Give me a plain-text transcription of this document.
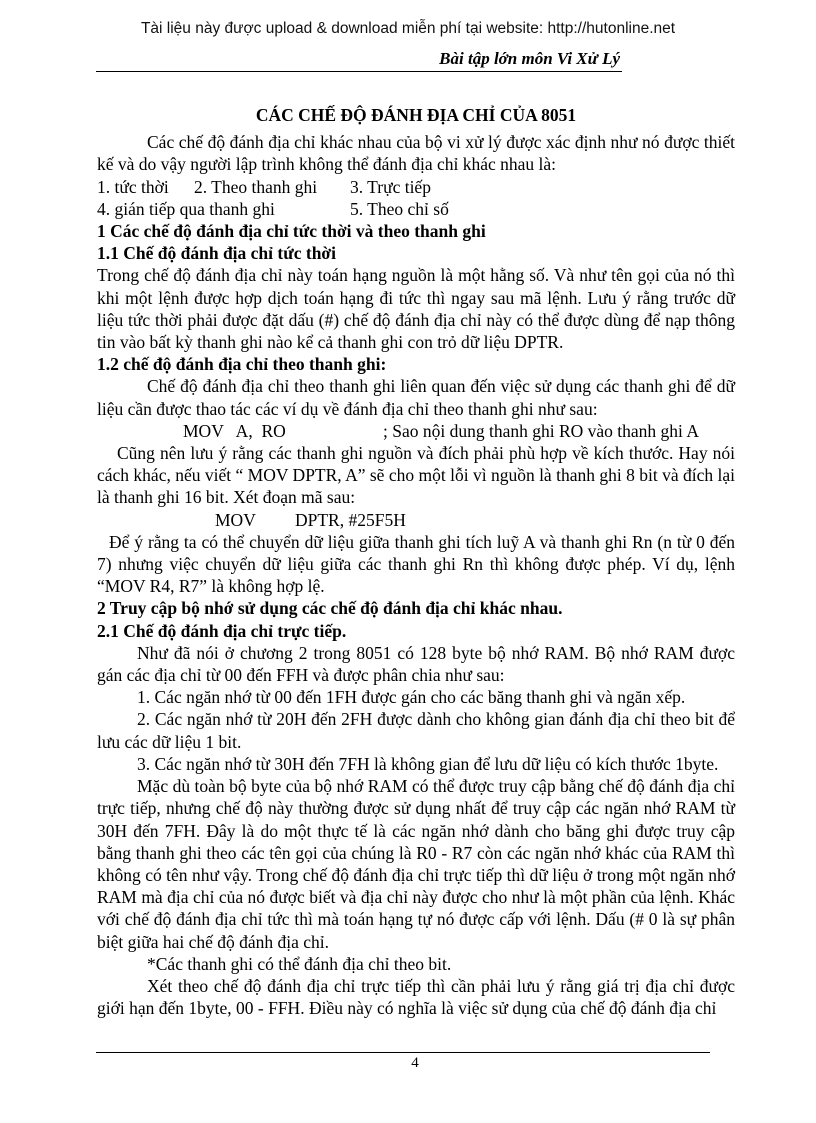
Tài liệu này được upload & download miễn phí tại website: http://hutonline.net
Bài tập lớn môn Vi Xử Lý

CÁC CHẾ ĐỘ ĐÁNH ĐỊA CHỈ CỦA 8051

Các chế độ đánh địa chỉ khác nhau của bộ vi xử lý được xác định như nó được thiết kế và do vậy người lập trình không thể đánh địa chỉ khác nhau là:

1. tức thời	2. Theo thanh ghi	3. Trực tiếp
4. gián tiếp qua thanh ghi	5. Theo chỉ số

1 Các chế độ đánh địa chỉ tức thời và theo thanh ghi

1.1 Chế độ đánh địa chỉ tức thời

Trong chế độ đánh địa chỉ này toán hạng nguồn là một hằng số. Và như tên gọi của nó thì khi một lệnh được hợp dịch toán hạng đi tức thì ngay sau mã lệnh. Lưu ý rằng trước dữ liệu tức thời phải được đặt dấu (#) chế độ đánh địa chỉ này có thể được dùng để nạp thông tin vào bất kỳ thanh ghi nào kể cả thanh ghi con trỏ dữ liệu DPTR.

1.2 chế độ đánh địa chỉ theo thanh ghi:

Chế độ đánh địa chỉ theo thanh ghi liên quan đến việc sử dụng các thanh ghi để dữ liệu cần được thao tác các ví dụ về đánh địa chỉ theo thanh ghi như sau:

MOV   A,  RO	; Sao nội dung thanh ghi RO vào thanh ghi A

Cũng nên lưu ý rằng các thanh ghi nguồn và đích phải phù hợp về kích thước. Hay nói cách khác, nếu viết “ MOV DPTR, A” sẽ cho một lỗi vì nguồn là thanh ghi 8 bit và đích lại là thanh ghi 16 bit. Xét đoạn mã sau:

MOV DPTR, #25F5H

Để ý rằng ta có thể chuyển dữ liệu giữa thanh ghi tích luỹ A và thanh ghi Rn (n từ 0 đến 7) nhưng việc chuyển dữ liệu giữa các thanh ghi Rn thì không được phép. Ví dụ, lệnh “MOV R4, R7” là không hợp lệ.

2 Truy cập bộ nhớ sử dụng các chế độ đánh địa chỉ khác nhau.

2.1 Chế độ đánh địa chỉ trực tiếp.

Như đã nói ở chương 2 trong 8051 có 128 byte bộ nhớ RAM. Bộ nhớ RAM được gán các địa chỉ từ 00 đến FFH và được phân chia như sau:

1. Các ngăn nhớ từ 00 đến 1FH được gán cho các băng thanh ghi và ngăn xếp.

2. Các ngăn nhớ từ 20H đến 2FH được dành cho không gian đánh địa chỉ theo bit để lưu các dữ liệu 1 bit.

3. Các ngăn nhớ từ 30H đến 7FH là không gian để lưu dữ liệu có kích thước 1byte.

Mặc dù toàn bộ byte của bộ nhớ RAM có thể được truy cập bằng chế độ đánh địa chỉ trực tiếp, nhưng chế độ này thường được sử dụng nhất để truy cập các ngăn nhớ RAM từ 30H đến 7FH. Đây là do một thực tế là các ngăn nhớ dành cho băng ghi được truy cập bằng thanh ghi theo các tên gọi của chúng là R0 - R7 còn các ngăn nhớ khác của RAM thì không có tên như vậy. Trong chế độ đánh địa chỉ trực tiếp thì dữ liệu ở trong một ngăn nhớ RAM mà địa chỉ của nó được biết và địa chỉ này được cho như là một phần của lệnh. Khác với chế độ đánh địa chỉ tức thì mà toán hạng tự nó được cấp với lệnh. Dấu (# 0 là sự phân biệt giữa hai chế độ đánh địa chỉ.

*Các thanh ghi có thể đánh địa chỉ theo bit.

Xét theo chế độ đánh địa chỉ trực tiếp thì cần phải lưu ý rằng giá trị địa chỉ được giới hạn đến 1byte, 00 - FFH. Điều này có nghĩa là việc sử dụng của chế độ đánh địa chỉ

4
